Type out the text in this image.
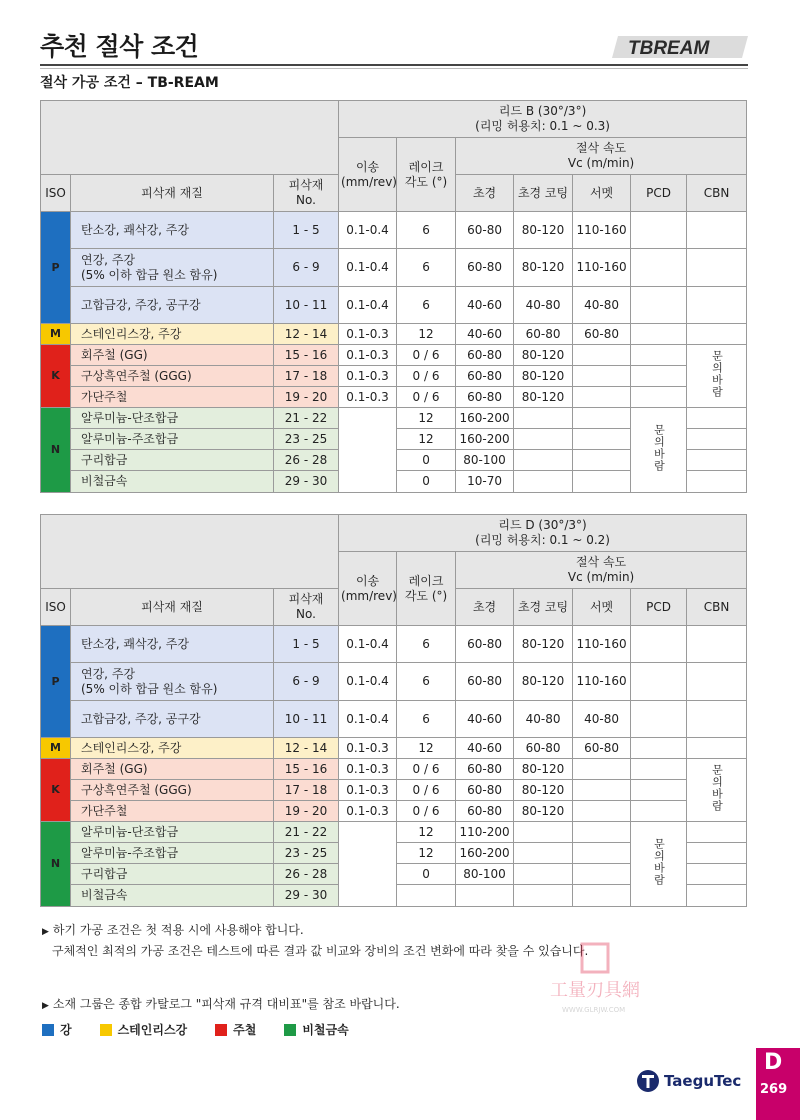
추천 절삭 조건	TBREAM
절삭 가공 조건 – TB-REAM
			리드 B (30°/3°)
(리밍 허용치: 0.1 ~ 0.3)						
			이송
(mm/rev)	레이크
각도 (°)	절삭 속도
Vc (m/min)				
ISO	피삭재 재질	피삭재
No.			초경	초경 코팅	서멧	PCD	CBN
P	탄소강, 쾌삭강, 주강	1 - 5	0.1-0.4	6	60-80	80-120	110-160		
	연강, 주강
(5% 이하 합금 원소 함유)	6 - 9	0.1-0.4	6	60-80	80-120	110-160		
	고합금강, 주강, 공구강	10 - 11	0.1-0.4	6	40-60	40-80	40-80		
M	스테인리스강, 주강	12 - 14	0.1-0.3	12	40-60	60-80	60-80		
K	회주철 (GG)	15 - 16	0.1-0.3	0 / 6	60-80	80-120			문의바람
	구상흑연주철 (GGG)	17 - 18	0.1-0.3	0 / 6	60-80	80-120			
	가단주철	19 - 20	0.1-0.3	0 / 6	60-80	80-120			
N	알루미늄-단조합금	21 - 22		12	160-200			문의바람	
	알루미늄-주조합금	23 - 25		12	160-200				
	구리합금	26 - 28		0	80-100				
	비철금속	29 - 30		0	10-70				
			리드 D (30°/3°)
(리밍 허용치: 0.1 ~ 0.2)						
			이송
(mm/rev)	레이크
각도 (°)	절삭 속도
Vc (m/min)				
ISO	피삭재 재질	피삭재
No.			초경	초경 코팅	서멧	PCD	CBN
P	탄소강, 쾌삭강, 주강	1 - 5	0.1-0.4	6	60-80	80-120	110-160		
	연강, 주강
(5% 이하 합금 원소 함유)	6 - 9	0.1-0.4	6	60-80	80-120	110-160		
	고합금강, 주강, 공구강	10 - 11	0.1-0.4	6	40-60	40-80	40-80		
M	스테인리스강, 주강	12 - 14	0.1-0.3	12	40-60	60-80	60-80		
K	회주철 (GG)	15 - 16	0.1-0.3	0 / 6	60-80	80-120			문의바람
	구상흑연주철 (GGG)	17 - 18	0.1-0.3	0 / 6	60-80	80-120			
	가단주철	19 - 20	0.1-0.3	0 / 6	60-80	80-120			
N	알루미늄-단조합금	21 - 22		12	110-200			문의바람	
	알루미늄-주조합금	23 - 25		12	160-200				
	구리합금	26 - 28		0	80-100				
	비철금속	29 - 30							
▶ 하기 가공 조건은 첫 적용 시에 사용해야 합니다.
구체적인 최적의 가공 조건은 테스트에 따른 결과 값 비교와 장비의 조건 변화에 따라 찾을 수 있습니다.
▶ 소재 그룹은 종합 카탈로그 "피삭재 규격 대비표"를 참조 바랍니다.
강	스테인리스강	주철	비철금속
工量刃具網
WWW.GLRJW.COM
TaeguTec
D
269
